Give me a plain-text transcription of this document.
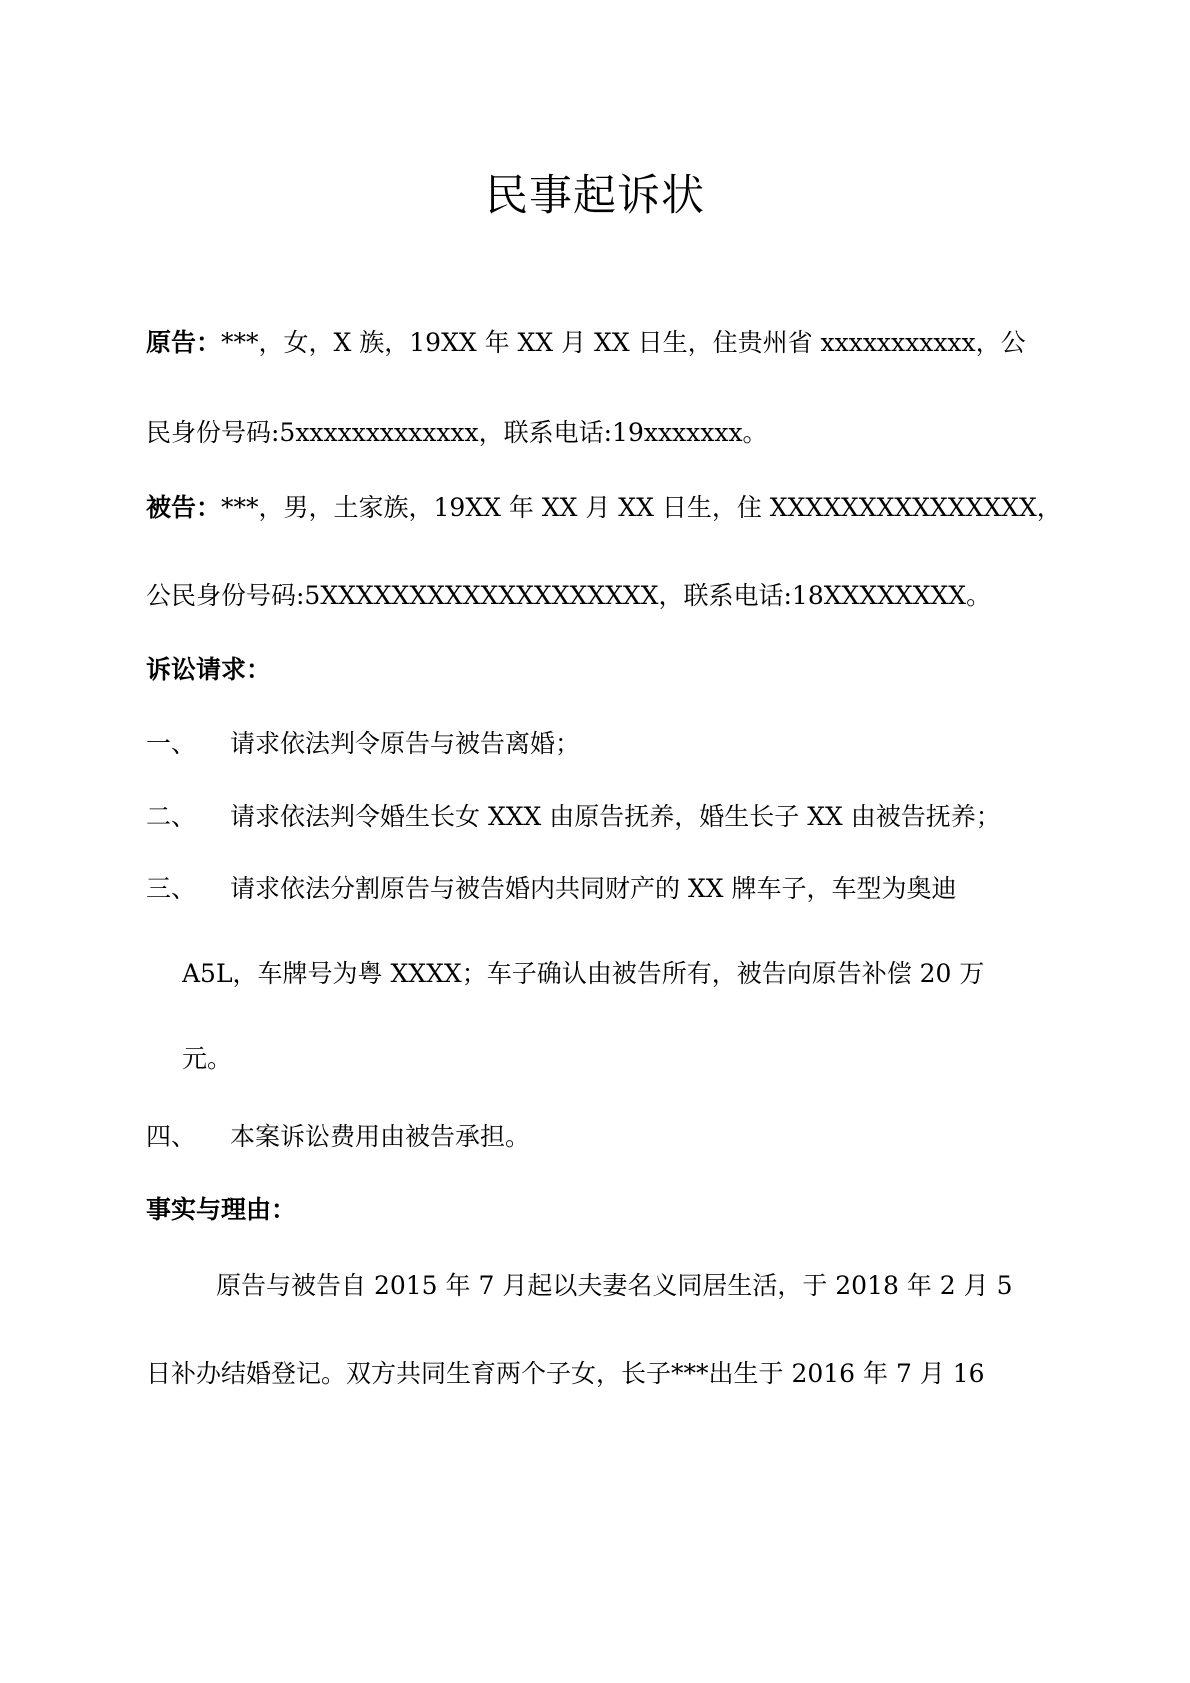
民事起诉状
原告：***，女，X 族，19XX 年 XX 月 XX 日生，住贵州省 xxxxxxxxxxx，公
民身份号码:5xxxxxxxxxxxxx，联系电话:19xxxxxxx。
被告：***，男，土家族，19XX 年 XX 月 XX 日生，住 XXXXXXXXXXXXXXX，
公民身份号码:5XXXXXXXXXXXXXXXXXXX，联系电话:18XXXXXXXX。
诉讼请求：
一、 请求依法判令原告与被告离婚；
二、 请求依法判令婚生长女 XXX 由原告抚养，婚生长子 XX 由被告抚养；
三、 请求依法分割原告与被告婚内共同财产的 XX 牌车子，车型为奥迪
A5L，车牌号为粤 XXXX；车子确认由被告所有，被告向原告补偿 20 万
元。
四、 本案诉讼费用由被告承担。
事实与理由：
原告与被告自 2015 年 7 月起以夫妻名义同居生活，于 2018 年 2 月 5
日补办结婚登记。双方共同生育两个子女，长子***出生于 2016 年 7 月 16
